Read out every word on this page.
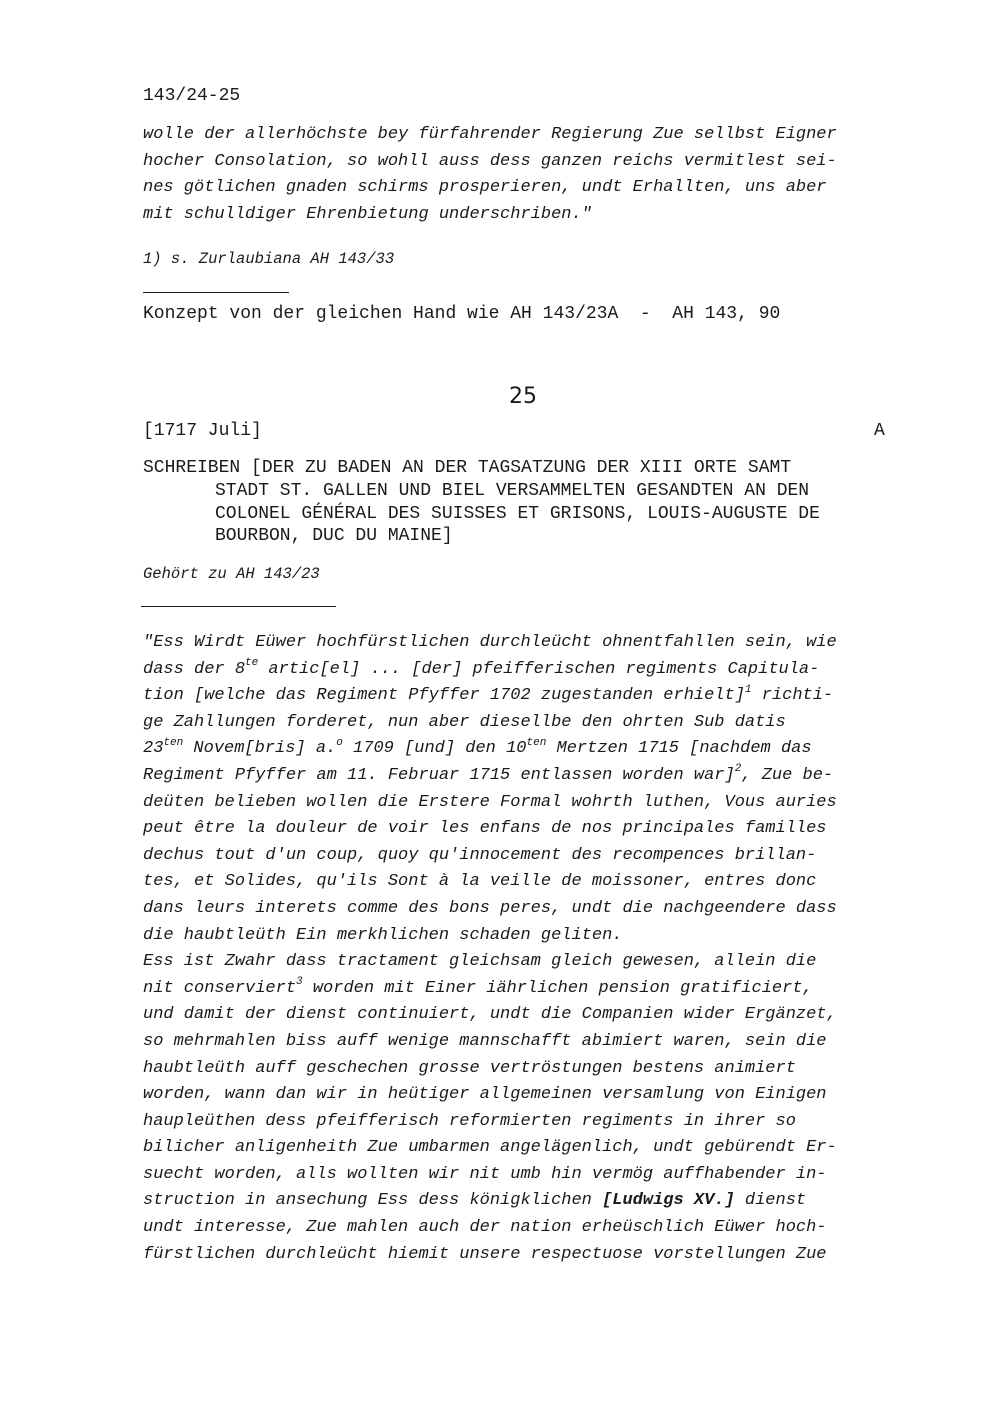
143/24-25
wolle der allerhöchste bey fürfahrender Regierung Zue sellbst Eigner
hocher Consolation, so wohll auss dess ganzen reichs vermitlest sei-
nes götlichen gnaden schirms prosperieren, undt Erhallten, uns aber
mit schulldiger Ehrenbietung underschriben."
1) s. Zurlaubiana AH 143/33
Konzept von der gleichen Hand wie AH 143/23A  -  AH 143, 90
25
[1717 Juli]	A
SCHREIBEN [DER ZU BADEN AN DER TAGSATZUNG DER XIII ORTE SAMT
STADT ST. GALLEN UND BIEL VERSAMMELTEN GESANDTEN AN DEN
COLONEL GÉNÉRAL DES SUISSES ET GRISONS, LOUIS-AUGUSTE DE
BOURBON, DUC DU MAINE]
Gehört zu AH 143/23
"Ess Wirdt Eüwer hochfürstlichen durchleücht ohnentfahllen sein, wie
dass der $8^{te}$ artic[el] ... [der] pfeifferischen regiments Capitula-
tion [welche das Regiment Pfyffer 1702 zugestanden erhielt]$^1$ richti-
ge Zahllungen forderet, nun aber diesellbe den ohrten Sub datis
$23^{ten}$ Novem[bris] a.$^o$ 1709 [und] den $10^{ten}$ Mertzen 1715 [nachdem das
Regiment Pfyffer am 11. Februar 1715 entlassen worden war]$^2$, Zue be-
deüten belieben wollen die Erstere Formal wohrth luthen, Vous auries
peut être la douleur de voir les enfans de nos principales familles
dechus tout d'un coup, quoy qu'innocement des recompences brillan-
tes, et Solides, qu'ils Sont à la veille de moissoner, entres donc
dans leurs interets comme des bons peres, undt die nachgeendere dass
die haubtleüth Ein merkhlichen schaden geliten.
Ess ist Zwahr dass tractament gleichsam gleich gewesen, allein die
nit conserviert$^3$ worden mit Einer iährlichen pension gratificiert,
und damit der dienst continuiert, undt die Companien wider Ergänzet,
so mehrmahlen biss auff wenige mannschafft abimiert waren, sein die
haubtleüth auff geschechen grosse vertröstungen bestens animiert
worden, wann dan wir in heütiger allgemeinen versamlung von Einigen
haupleüthen dess pfeifferisch reformierten regiments in ihrer so
bilicher anligenheith Zue umbarmen angelägenlich, undt gebürendt Er-
suecht worden, alls wollten wir nit umb hin vermög auffhabender in-
struction in ansechung Ess dess königklichen [Ludwigs XV.] dienst
undt interesse, Zue mahlen auch der nation erheüschlich Eüwer hoch-
fürstlichen durchleücht hiemit unsere respectuose vorstellungen Zue
